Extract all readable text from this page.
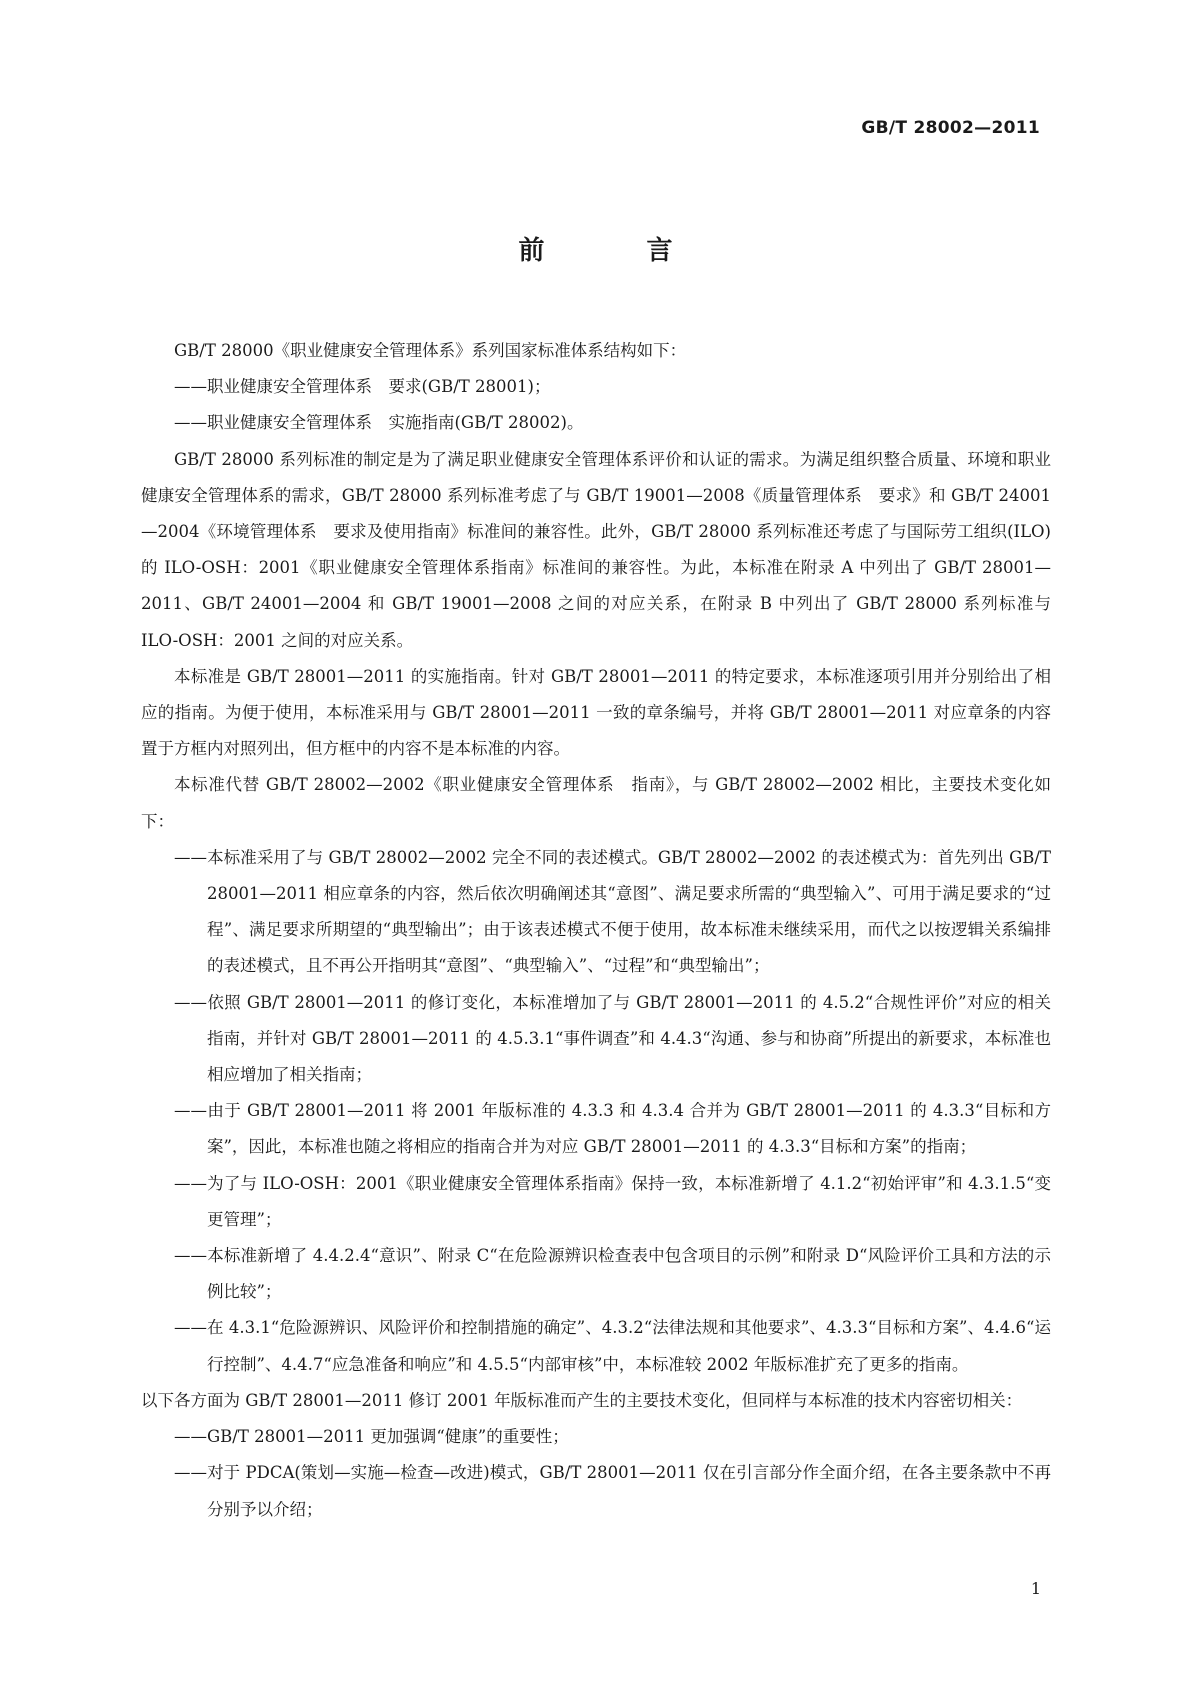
GB/T 28002—2011
前　言

GB/T 28000《职业健康安全管理体系》系列国家标准体系结构如下：

——职业健康安全管理体系　要求(GB/T 28001)；

——职业健康安全管理体系　实施指南(GB/T 28002)。

GB/T 28000 系列标准的制定是为了满足职业健康安全管理体系评价和认证的需求。为满足组织整合质量、环境和职业健康安全管理体系的需求，GB/T 28000 系列标准考虑了与 GB/T 19001—2008《质量管理体系　要求》和 GB/T 24001—2004《环境管理体系　要求及使用指南》标准间的兼容性。此外，GB/T 28000 系列标准还考虑了与国际劳工组织(ILO)的 ILO-OSH：2001《职业健康安全管理体系指南》标准间的兼容性。为此，本标准在附录 A 中列出了 GB/T 28001—2011、GB/T 24001—2004 和 GB/T 19001—2008 之间的对应关系，在附录 B 中列出了 GB/T 28000 系列标准与 ILO-OSH：2001 之间的对应关系。

本标准是 GB/T 28001—2011 的实施指南。针对 GB/T 28001—2011 的特定要求，本标准逐项引用并分别给出了相应的指南。为便于使用，本标准采用与 GB/T 28001—2011 一致的章条编号，并将 GB/T 28001—2011 对应章条的内容置于方框内对照列出，但方框中的内容不是本标准的内容。

本标准代替 GB/T 28002—2002《职业健康安全管理体系　指南》，与 GB/T 28002—2002 相比，主要技术变化如下：

——本标准采用了与 GB/T 28002—2002 完全不同的表述模式。GB/T 28002—2002 的表述模式为：首先列出 GB/T 28001—2011 相应章条的内容，然后依次明确阐述其“意图”、满足要求所需的“典型输入”、可用于满足要求的“过程”、满足要求所期望的“典型输出”；由于该表述模式不便于使用，故本标准未继续采用，而代之以按逻辑关系编排的表述模式，且不再公开指明其“意图”、“典型输入”、“过程”和“典型输出”；

——依照 GB/T 28001—2011 的修订变化，本标准增加了与 GB/T 28001—2011 的 4.5.2“合规性评价”对应的相关指南，并针对 GB/T 28001—2011 的 4.5.3.1“事件调查”和 4.4.3“沟通、参与和协商”所提出的新要求，本标准也相应增加了相关指南；

——由于 GB/T 28001—2011 将 2001 年版标准的 4.3.3 和 4.3.4 合并为 GB/T 28001—2011 的 4.3.3“目标和方案”，因此，本标准也随之将相应的指南合并为对应 GB/T 28001—2011 的 4.3.3“目标和方案”的指南；

——为了与 ILO-OSH：2001《职业健康安全管理体系指南》保持一致，本标准新增了 4.1.2“初始评审”和 4.3.1.5“变更管理”；

——本标准新增了 4.4.2.4“意识”、附录 C“在危险源辨识检查表中包含项目的示例”和附录 D“风险评价工具和方法的示例比较”；

——在 4.3.1“危险源辨识、风险评价和控制措施的确定”、4.3.2“法律法规和其他要求”、4.3.3“目标和方案”、4.4.6“运行控制”、4.4.7“应急准备和响应”和 4.5.5“内部审核”中，本标准较 2002 年版标准扩充了更多的指南。

以下各方面为 GB/T 28001—2011 修订 2001 年版标准而产生的主要技术变化，但同样与本标准的技术内容密切相关：

——GB/T 28001—2011 更加强调“健康”的重要性；

——对于 PDCA(策划—实施—检查—改进)模式，GB/T 28001—2011 仅在引言部分作全面介绍，在各主要条款中不再分别予以介绍；

1
